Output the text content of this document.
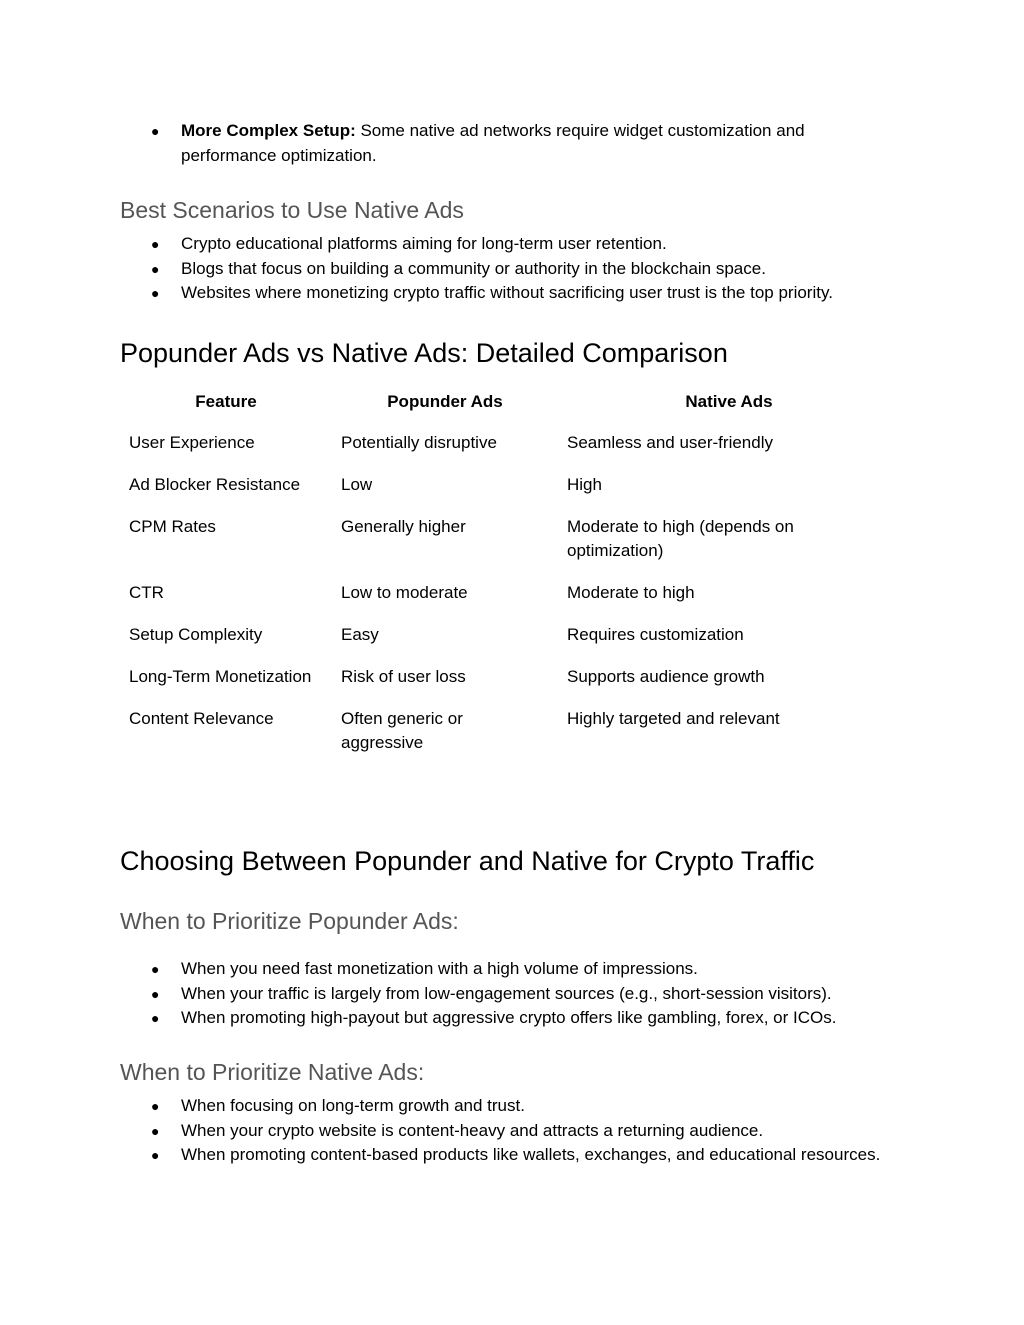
● More Complex Setup: Some native ad networks require widget customization and performance optimization.
Best Scenarios to Use Native Ads
● Crypto educational platforms aiming for long-term user retention.
● Blogs that focus on building a community or authority in the blockchain space.
● Websites where monetizing crypto traffic without sacrificing user trust is the top priority.
Popunder Ads vs Native Ads: Detailed Comparison
Feature	Popunder Ads	Native Ads
User Experience	Potentially disruptive	Seamless and user-friendly
Ad Blocker Resistance	Low	High
CPM Rates	Generally higher	Moderate to high (depends on optimization)
CTR	Low to moderate	Moderate to high
Setup Complexity	Easy	Requires customization
Long-Term Monetization	Risk of user loss	Supports audience growth
Content Relevance	Often generic or aggressive	Highly targeted and relevant
Choosing Between Popunder and Native for Crypto Traffic
When to Prioritize Popunder Ads:
● When you need fast monetization with a high volume of impressions.
● When your traffic is largely from low-engagement sources (e.g., short-session visitors).
● When promoting high-payout but aggressive crypto offers like gambling, forex, or ICOs.
When to Prioritize Native Ads:
● When focusing on long-term growth and trust.
● When your crypto website is content-heavy and attracts a returning audience.
● When promoting content-based products like wallets, exchanges, and educational resources.
